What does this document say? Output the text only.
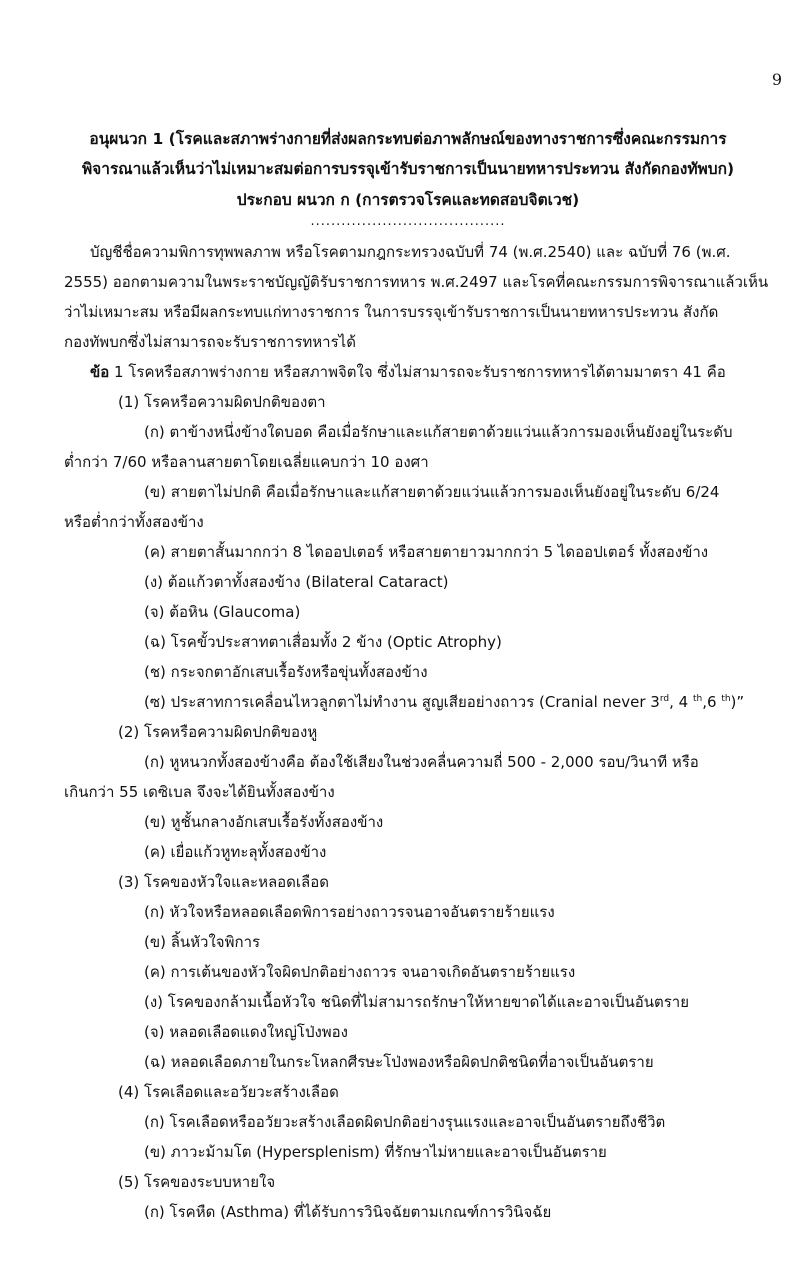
9
อนุผนวก 1 (โรคและสภาพร่างกายที่ส่งผลกระทบต่อภาพลักษณ์ของทางราชการซึ่งคณะกรรมการ
พิจารณาแล้วเห็นว่าไม่เหมาะสมต่อการบรรจุเข้ารับราชการเป็นนายทหารประทวน สังกัดกองทัพบก)
ประกอบ ผนวก ก (การตรวจโรคและทดสอบจิตเวช)
......................................
บัญชีชื่อความพิการทุพพลภาพ หรือโรคตามกฎกระทรวงฉบับที่ 74 (พ.ศ.2540) และ ฉบับที่ 76 (พ.ศ.
2555) ออกตามความในพระราชบัญญัติรับราชการทหาร พ.ศ.2497 และโรคที่คณะกรรมการพิจารณาแล้วเห็น
ว่าไม่เหมาะสม หรือมีผลกระทบแก่ทางราชการ ในการบรรจุเข้ารับราชการเป็นนายทหารประทวน สังกัด
กองทัพบกซึ่งไม่สามารถจะรับราชการทหารได้
ข้อ 1 โรคหรือสภาพร่างกาย หรือสภาพจิตใจ ซึ่งไม่สามารถจะรับราชการทหารได้ตามมาตรา 41 คือ
(1) โรคหรือความผิดปกติของตา
(ก) ตาข้างหนึ่งข้างใดบอด คือเมื่อรักษาและแก้สายตาด้วยแว่นแล้วการมองเห็นยังอยู่ในระดับ
ต่ำกว่า 7/60 หรือลานสายตาโดยเฉลี่ยแคบกว่า 10 องศา
(ข) สายตาไม่ปกติ คือเมื่อรักษาและแก้สายตาด้วยแว่นแล้วการมองเห็นยังอยู่ในระดับ 6/24
หรือต่ำกว่าทั้งสองข้าง
(ค) สายตาสั้นมากกว่า 8 ไดออปเตอร์ หรือสายตายาวมากกว่า 5 ไดออปเตอร์ ทั้งสองข้าง
(ง) ต้อแก้วตาทั้งสองข้าง (Bilateral Cataract)
(จ) ต้อหิน (Glaucoma)
(ฉ) โรคขั้วประสาทตาเสื่อมทั้ง 2 ข้าง (Optic Atrophy)
(ช) กระจกตาอักเสบเรื้อรังหรือขุ่นทั้งสองข้าง
(ซ) ประสาทการเคลื่อนไหวลูกตาไม่ทำงาน สูญเสียอย่างถาวร (Cranial never 3rd, 4 $^{th}$,6 $^{th}$)”
(2) โรคหรือความผิดปกติของหู
(ก) หูหนวกทั้งสองข้างคือ ต้องใช้เสียงในช่วงคลื่นความถี่ 500 - 2,000 รอบ/วินาที หรือ
เกินกว่า 55 เดซิเบล จึงจะได้ยินทั้งสองข้าง
(ข) หูชั้นกลางอักเสบเรื้อรังทั้งสองข้าง
(ค) เยื่อแก้วหูทะลุทั้งสองข้าง
(3) โรคของหัวใจและหลอดเลือด
(ก) หัวใจหรือหลอดเลือดพิการอย่างถาวรจนอาจอันตรายร้ายแรง
(ข) ลิ้นหัวใจพิการ
(ค) การเต้นของหัวใจผิดปกติอย่างถาวร จนอาจเกิดอันตรายร้ายแรง
(ง) โรคของกล้ามเนื้อหัวใจ ชนิดที่ไม่สามารถรักษาให้หายขาดได้และอาจเป็นอันตราย
(จ) หลอดเลือดแดงใหญ่โป่งพอง
(ฉ) หลอดเลือดภายในกระโหลกศีรษะโป่งพองหรือผิดปกติชนิดที่อาจเป็นอันตราย
(4) โรคเลือดและอวัยวะสร้างเลือด
(ก) โรคเลือดหรืออวัยวะสร้างเลือดผิดปกติอย่างรุนแรงและอาจเป็นอันตรายถึงชีวิต
(ข) ภาวะม้ามโต (Hypersplenism) ที่รักษาไม่หายและอาจเป็นอันตราย
(5) โรคของระบบหายใจ
(ก) โรคหืด (Asthma) ที่ได้รับการวินิจฉัยตามเกณฑ์การวินิจฉัย
